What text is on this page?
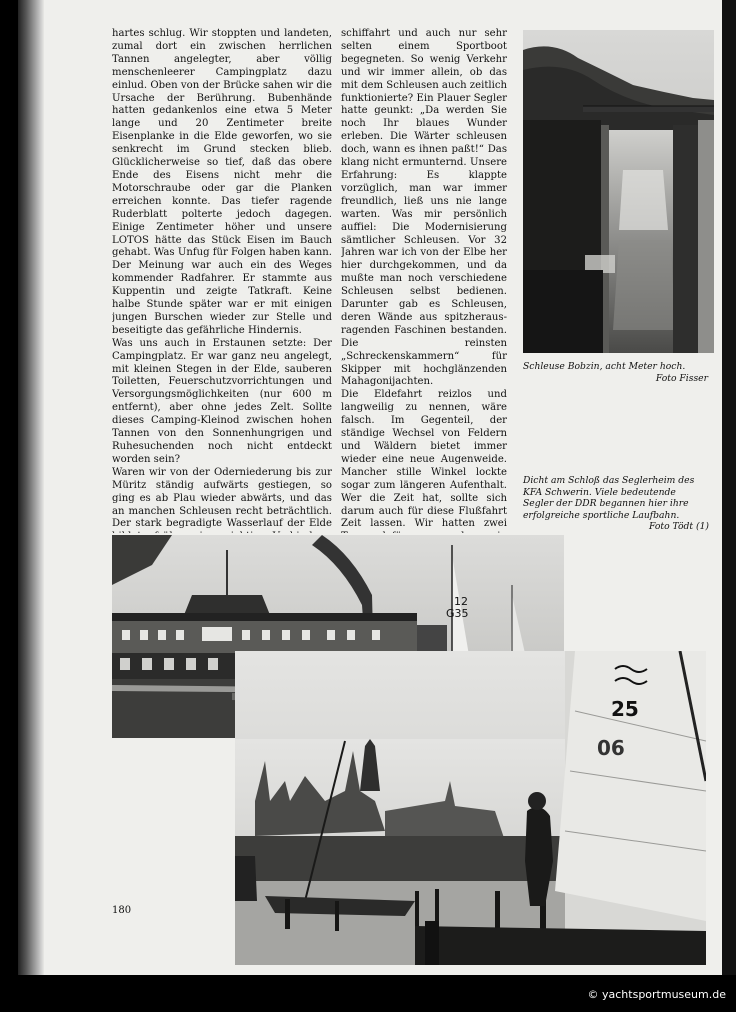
hartes schlug. Wir stoppten und landeten, zumal dort ein zwischen herrlichen Tannen angelegter, aber völlig menschenleerer Campingplatz dazu einlud. Oben von der Brücke sahen wir die Ursache der Berührung. Bubenhände hatten gedankenlos eine etwa 5 Meter lange und 20 Zentimeter breite Eisenplanke in die Elde geworfen, wo sie senkrecht im Grund stecken blieb. Glücklicherweise so tief, daß das obere Ende des Eisens nicht mehr die Motorschraube oder gar die Planken erreichen konnte. Das tiefer ragende Ruderblatt polterte jedoch dagegen. Einige Zentimeter höher und unsere LOTOS hätte das Stück Eisen im Bauch gehabt. Was Unfug für Folgen haben kann. Der Meinung war auch ein des Weges kommender Radfahrer. Er stammte aus Kuppentin und zeigte Tatkraft. Keine halbe Stunde später war er mit einigen jungen Burschen wieder zur Stelle und beseitigte das gefährliche Hindernis.

Was uns auch in Erstaunen setzte: Der Campingplatz. Er war ganz neu angelegt, mit kleinen Stegen in der Elde, sauberen Toiletten, Feuerschutzvorrichtungen und Versorgungsmöglichkeiten (nur 600 m entfernt), aber ohne jedes Zelt. Sollte dieses Camping-Kleinod zwischen hohen Tannen von den Sonnenhungrigen und Ruhesuchenden noch nicht entdeckt worden sein?

Waren wir von der Oderniederung bis zur Müritz ständig aufwärts gestiegen, so ging es ab Plau wieder abwärts, und das an manchen Schleusen recht beträchtlich. Der stark begradigte Wasserlauf der Elde

schiffahrt und auch nur sehr selten einem Sportboot begegneten. So wenig Verkehr und wir immer allein, ob das mit dem Schleusen auch zeitlich funktionierte? Ein Plauer Segler hatte geunkt: „Da werden Sie noch Ihr blaues Wunder erleben. Die Wärter schleusen doch, wann es ihnen paßt!“ Das klang nicht ermunternd. Unsere Erfahrung: Es klappte vorzüglich, man war immer freundlich, ließ uns nie lange warten. Was mir persönlich auffiel: Die Modernisierung sämtlicher Schleusen. Vor 32 Jahren war ich von der Elbe her hier durchgekommen, und da mußte man noch verschiedene Schleusen selbst bedienen. Darunter gab es Schleusen, deren Wände aus spitzherausragenden Faschinen bestanden. Die reinsten „Schreckenskammern“ für Skipper mit hochglänzenden Mahagonijachten.

Die Eldefahrt reizlos und langweilig zu nennen, wäre falsch. Im Gegenteil, der ständige Wechsel von Feldern und Wäldern bietet immer wieder eine neue Augenweide. Mancher stille Winkel lockte sogar zum längeren Aufenthalt. Wer die Zeit hat, sollte sich darum auch für diese Flußfahrt Zeit lassen. Wir hatten zwei

Schleuse Bobzin, acht Meter hoch.
Foto Fisser
Dicht am Schloß das Seglerheim des KFA Schwerin. Viele bedeutende Segler der DDR begannen hier ihre erfolgreiche sportliche Laufbahn.
Foto Tödt (1)
12
G35
25
06
180
© yachtsportmuseum.de
